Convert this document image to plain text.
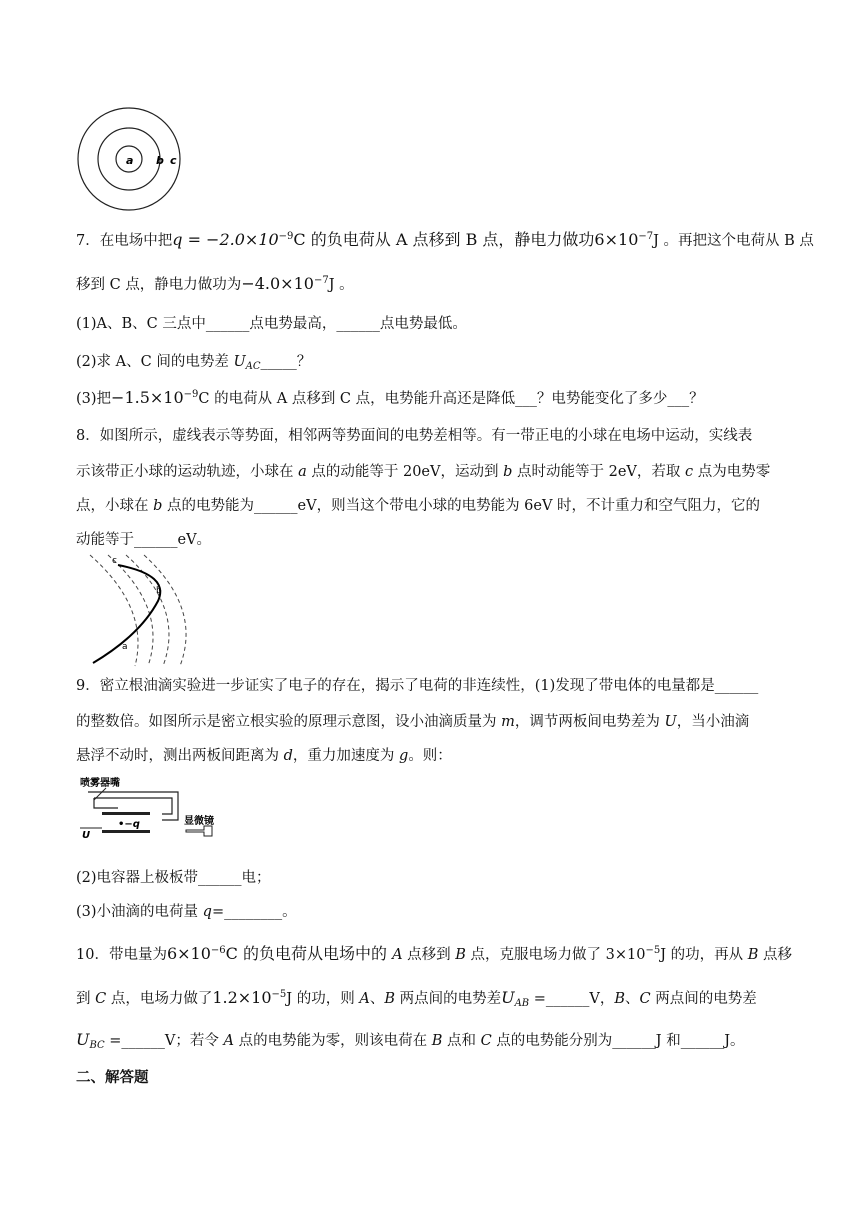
a b c
7．在电场中把$q = -2.0\times 10^{-9}C$ 的负电荷从 A 点移到 B 点，静电力做功$6\times 10^{-7}J$ 。再把这个电荷从 B 点
移到 C 点，静电力做功为$-4.0\times 10^{-7}J$ 。
(1)A、B、C 三点中______点电势最高，______点电势最低。
(2)求 A、C 间的电势差 $U_{AC}\_\_\_\_\_$？
(3)把$-1.5\times 10^{-9}C$ 的电荷从 A 点移到 C 点，电势能升高还是降低___？电势能变化了多少___？
8．如图所示，虚线表示等势面，相邻两等势面间的电势差相等。有一带正电的小球在电场中运动，实线表
示该带正小球的运动轨迹，小球在 a 点的动能等于 20eV，运动到 b 点时动能等于 2eV，若取 c 点为电势零
点，小球在 b 点的电势能为______eV，则当这个带电小球的电势能为 6eV 时，不计重力和空气阻力，它的
动能等于______eV。
a
b
c
9．密立根油滴实验进一步证实了电子的存在，揭示了电荷的非连续性，(1)发现了带电体的电量都是______
的整数倍。如图所示是密立根实验的原理示意图，设小油滴质量为 m，调节两板间电势差为 U，当小油滴
悬浮不动时，测出两板间距离为 d，重力加速度为 g。则：
喷雾器嘴
U
•−q	显微镜
(2)电容器上极板带______电；
(3)小油滴的电荷量 q=________。
10．带电量为$6\times 10^{-6}C$ 的负电荷从电场中的 A 点移到 B 点，克服电场力做了 $3\times 10^{-5}J$ 的功，再从 B 点移
到 C 点，电场力做了$1.2\times 10^{-5}J$ 的功，则 A、B 两点间的电势差$U_{AB}$ =______V，B、C 两点间的电势差
$U_{BC}$ =______V；若令 A 点的电势能为零，则该电荷在 B 点和 C 点的电势能分别为______J 和______J。
二、解答题
